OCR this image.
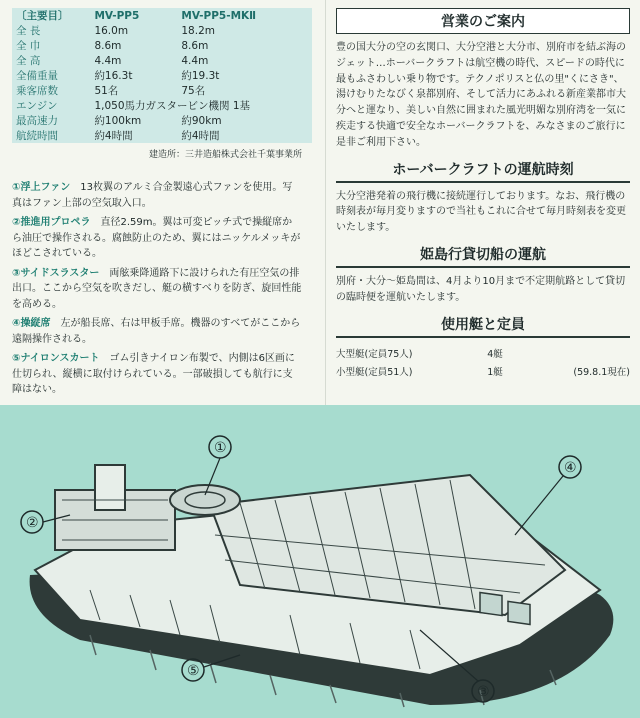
〔主要目〕	MV-PP5	MV-PP5-MKⅡ
全 長	16.0m	18.2m
全 巾	8.6m	8.6m
全 高	4.4m	4.4m
全備重量	約16.3t	約19.3t
乗客席数	51名	75名
エンジン	1,050馬力ガスタービン機関 1基	
最高速力	約100km	約90km
航続時間	約4時間	約4時間
建造所：三井造船株式会社千葉事業所
①浮上ファン　 13枚翼のアルミ合金製遠心式ファンを使用。写真はファン上部の空気取入口。
②推進用プロペラ　 直径2.59m。翼は可変ピッチ式で操縦席から油圧で操作される。腐蝕防止のため、翼にはニッケルメッキがほどこされている。
③サイドスラスター　 両舷乗降通路下に設けられた有圧空気の排出口。ここから空気を吹きだし、艇の横すべりを防ぎ、旋回性能を高める。
④操縦席　 左が船長席、右は甲板手席。機器のすべてがここから遠隔操作される。
⑤ナイロンスカート　 ゴム引きナイロン布製で、内側は6区画に仕切られ、縦横に取付けられている。一部破損しても航行に支障はない。
営業のご案内
豊の国大分の空の玄関口、大分空港と大分市、別府市を結ぶ海のジェット…ホーバークラフトは航空機の時代、スピードの時代に最もふさわしい乗り物です。テクノポリスと仏の里"くにさき"、湯けむりたなびく泉都別府、そして活力にあふれる新産業都市大分へと運なり、美しい自然に囲まれた風光明媚な別府湾を一気に疾走する快適で安全なホーバークラフトを、みなさまのご旅行に是非ご利用下さい。
ホーバークラフトの運航時刻
大分空港発着の飛行機に接続運行しております。なお、飛行機の時刻表が毎月変りますので当社もこれに合せて毎月時刻表を変更いたします。
姫島行貸切船の運航
別府・大分～姫島間は、4月より10月まで不定期航路として貸切の臨時便を運航いたします。
使用艇と定員
大型艇(定員75人)	4艇	
小型艇(定員51人)	1艇	(59.8.1現在)
①
②
③
④
⑤
